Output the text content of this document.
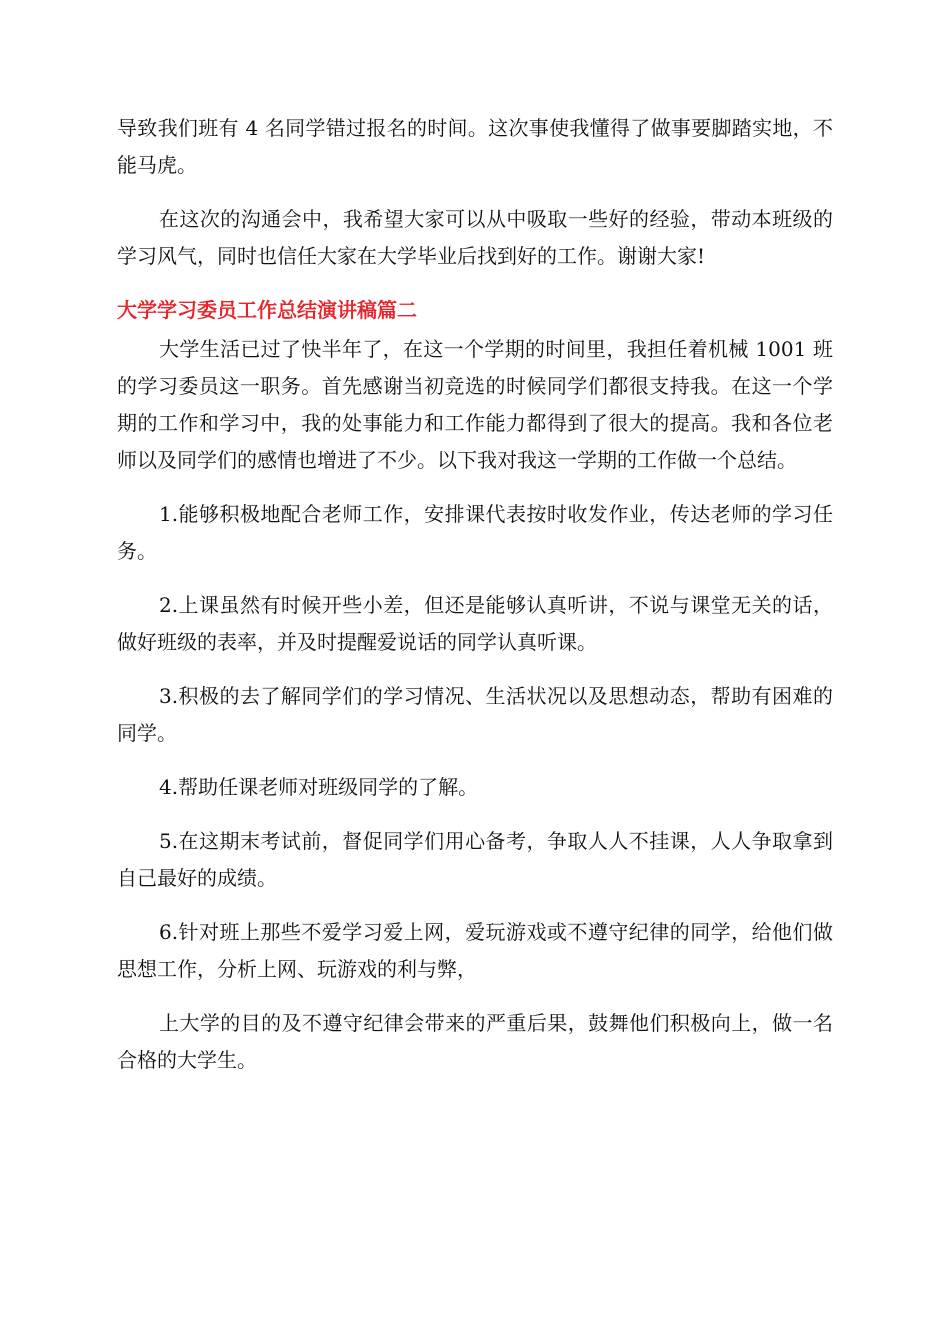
导致我们班有 4 名同学错过报名的时间。这次事使我懂得了做事要脚踏实地，不能马虎。

在这次的沟通会中，我希望大家可以从中吸取一些好的经验，带动本班级的学习风气，同时也信任大家在大学毕业后找到好的工作。谢谢大家!

大学学习委员工作总结演讲稿篇二

大学生活已过了快半年了，在这一个学期的时间里，我担任着机械 1001 班的学习委员这一职务。首先感谢当初竞选的时候同学们都很支持我。在这一个学期的工作和学习中，我的处事能力和工作能力都得到了很大的提高。我和各位老师以及同学们的感情也增进了不少。以下我对我这一学期的工作做一个总结。

1.能够积极地配合老师工作，安排课代表按时收发作业，传达老师的学习任务。

2.上课虽然有时候开些小差，但还是能够认真听讲，不说与课堂无关的话，做好班级的表率，并及时提醒爱说话的同学认真听课。

3.积极的去了解同学们的学习情况、生活状况以及思想动态，帮助有困难的同学。

4.帮助任课老师对班级同学的了解。

5.在这期末考试前，督促同学们用心备考，争取人人不挂课，人人争取拿到自己最好的成绩。

6.针对班上那些不爱学习爱上网，爱玩游戏或不遵守纪律的同学，给他们做思想工作，分析上网、玩游戏的利与弊，

上大学的目的及不遵守纪律会带来的严重后果，鼓舞他们积极向上，做一名合格的大学生。
